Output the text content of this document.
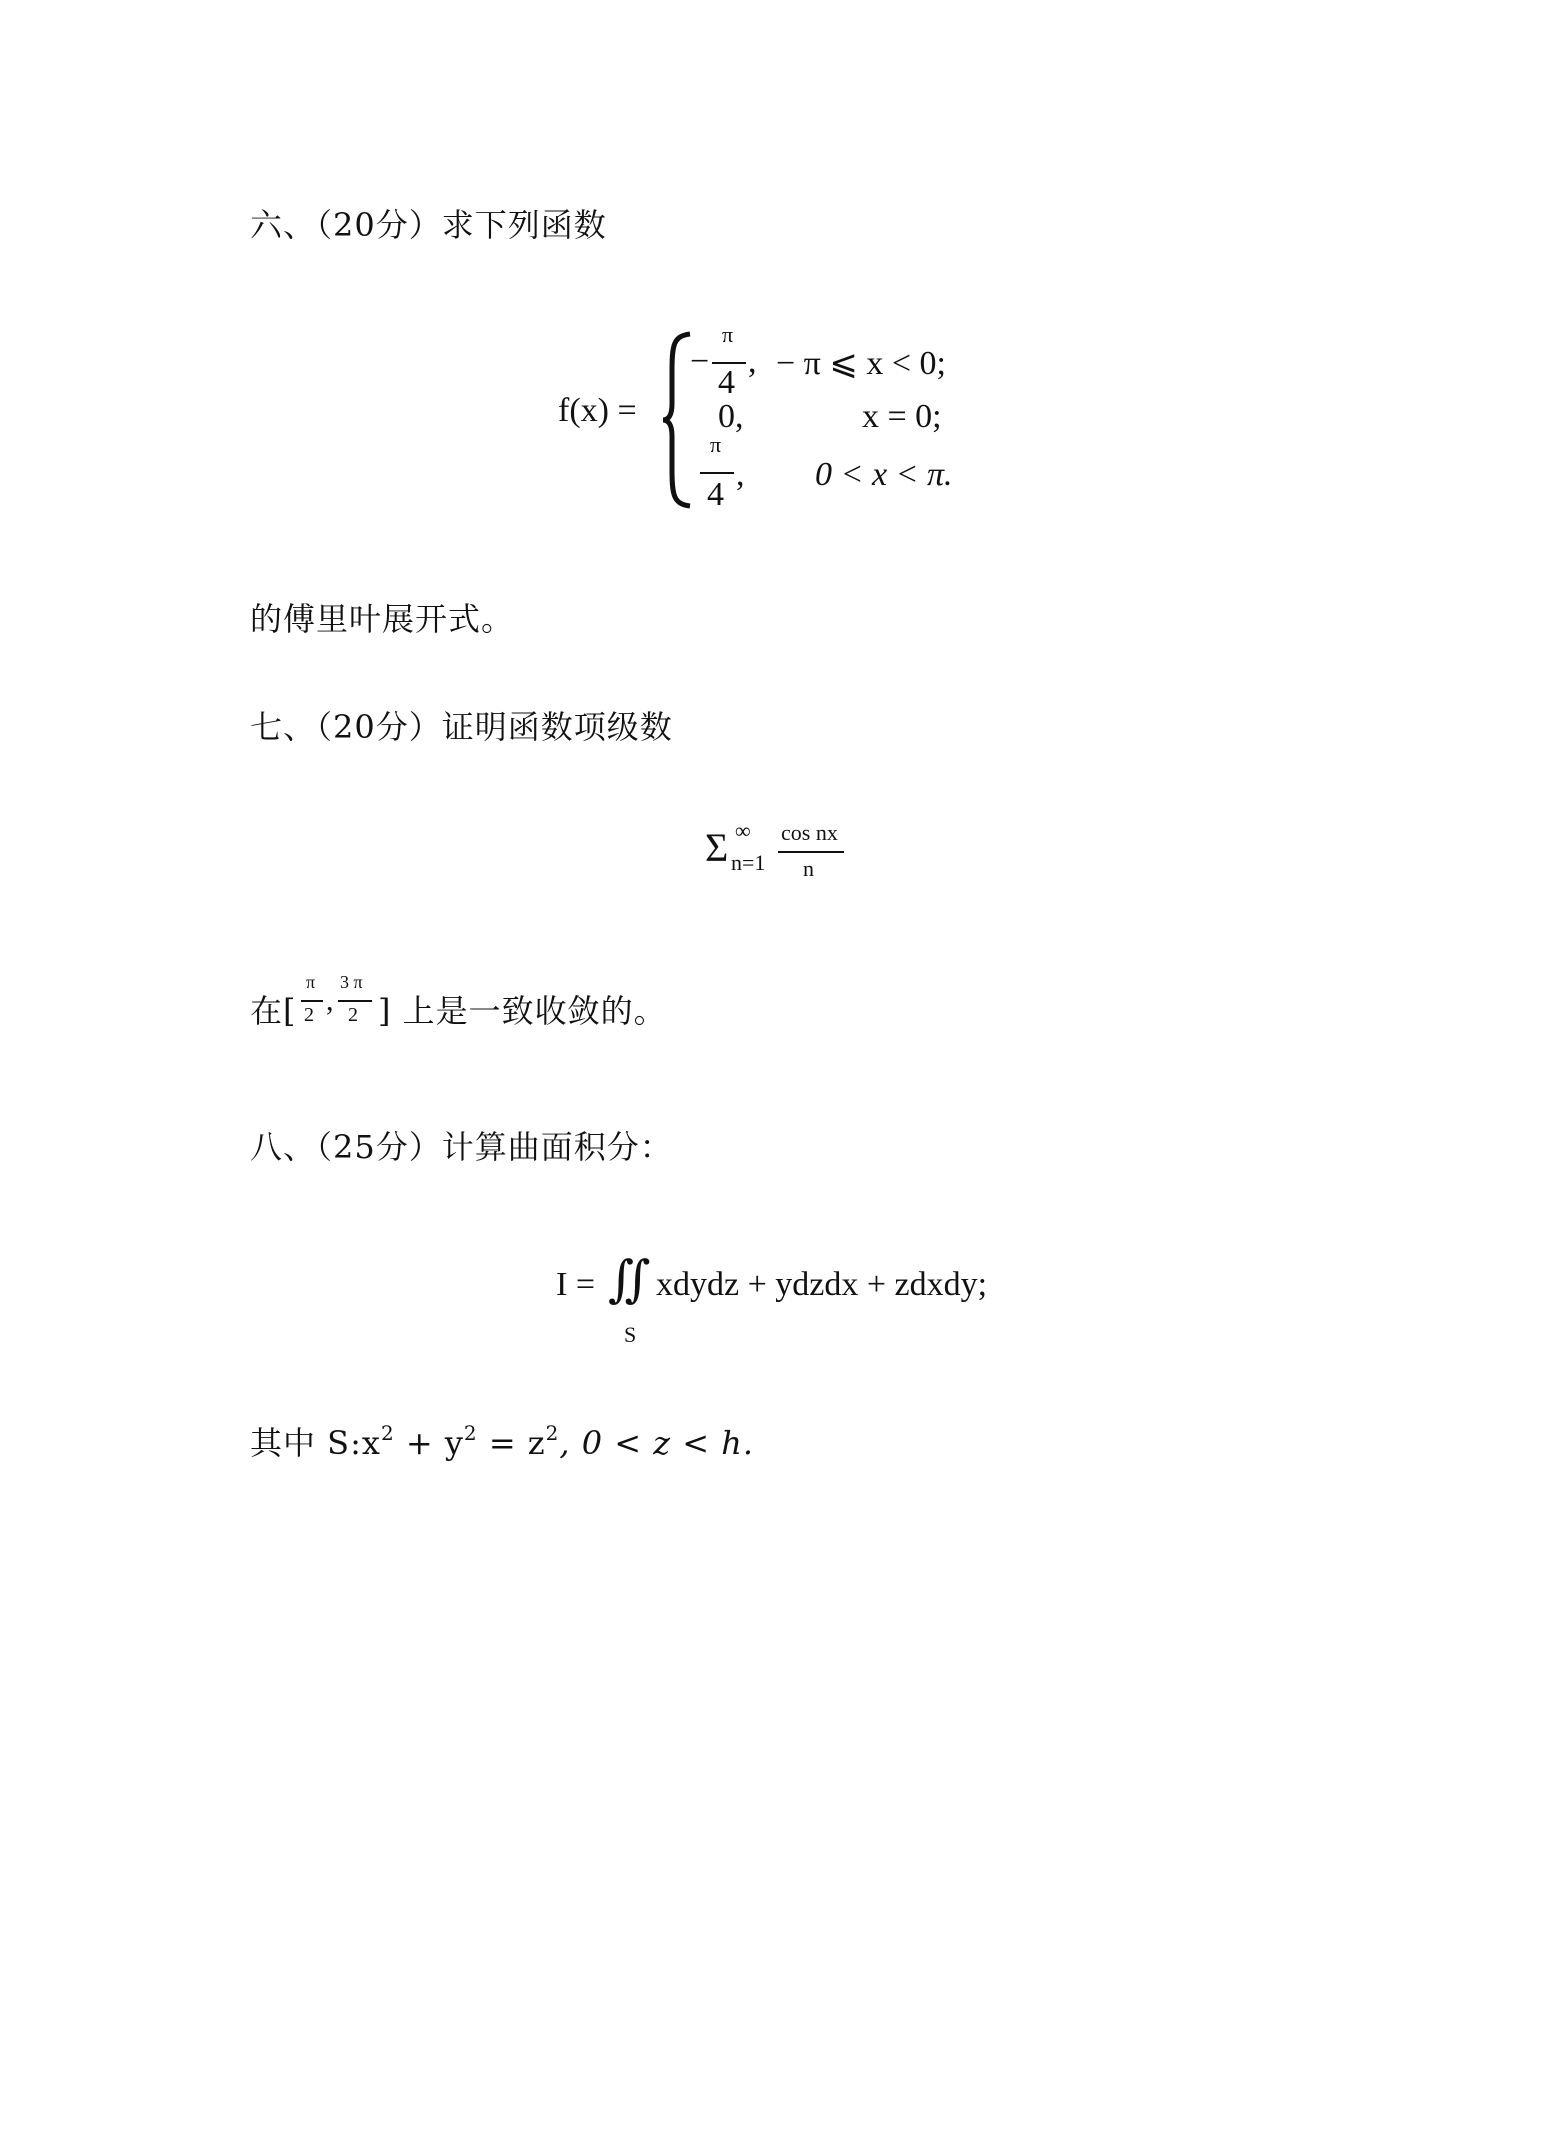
六、（20分）求下列函数
f(x) =
−
π
4
, − π ⩽ x < 0;
0,	x = 0;
π
4
, 0 < x < π.
的傅里叶展开式。
七、（20分）证明函数项级数
Σ ∞
n=1
cos nx
n
在[
π
2 ,
3 π
2 ] 上是一致收敛的。
八、（25分）计算曲面积分：
I = ∬
S
xdydz + ydzdx + zdxdy;
其中 $S:x^2 + y^2 = z^2$, 0 < z < h.
